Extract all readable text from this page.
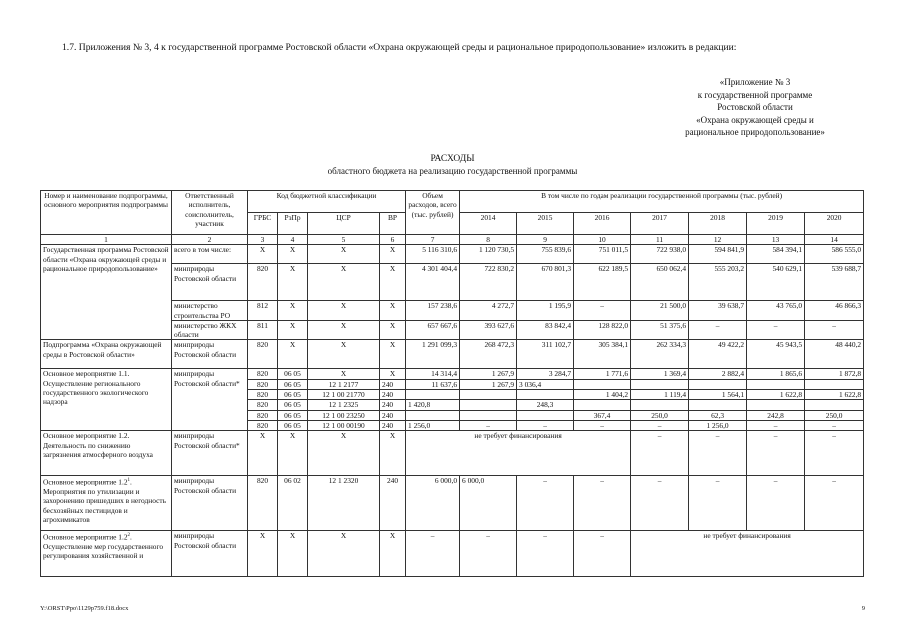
1.7. Приложения № 3, 4 к государственной программе Ростовской области «Охрана окружающей среды и рациональное природопользование» изложить в редакции:
«Приложение № 3
к государственной программе
Ростовской области
«Охрана окружающей среды и
рациональное природопользование»
РАСХОДЫ
областного бюджета на реализацию государственной программы
Номер и наименование подпрограммы, основного мероприятия подпрограммы	Ответственный исполнитель, соисполнитель, участник	Код бюджетной классификации				Объем расходов, всего (тыс. рублей)	В том числе по годам реализации государственной программы (тыс. рублей)						
		ГРБС	РзПр	ЦСР	ВР		2014	2015	2016	2017	2018	2019	2020
1	2	3	4	5	6	7	8	9	10	11	12	13	14
Государственная программа Ростовской области «Охрана окружающей среды и рациональное природопользование»	всего в том числе:	X	X	X	X	5 116 310,6	1 120 730,5	755 839,6	751 011,5	722 938,0	594 841,9	584 394,1	586 555,0
	минприроды Ростовской области	820	X	X	X	4 301 404,4	722 830,2	670 801,3	622 189,5	650 062,4	555 203,2	540 629,1	539 688,7
	министерство строительства РО	812	X	X	X	157 238,6	4 272,7	1 195,9	–	21 500,0	39 638,7	43 765,0	46 866,3
	министерство ЖКХ области	811	X	X	X	657 667,6	393 627,6	83 842,4	128 822,0	51 375,6	–	–	–
Подпрограмма «Охрана окружающей среды в Ростовской области»	минприроды Ростовской области	820	X	X	X	1 291 099,3	268 472,3	311 102,7	305 384,1	262 334,3	49 422,2	45 943,5	48 440,2
Основное мероприятие 1.1. Осуществление регионального государственного экологического надзора	минприроды Ростовской области*	820	06 05	X	X	14 314,4	1 267,9	3 284,7	1 771,6	1 369,4	2 882,4	1 865,6	1 872,8
		820	06 05	12 1 2177	240	11 637,6	1 267,9	3 036,4					
		820	06 05	12 1 00 21770	240				1 404,2	1 119,4	1 564,1	1 622,8	1 622,8
		820	06 05	12 1 2325	240	1 420,8		248,3					
		820	06 05	12 1 00 23250	240				367,4	250,0	62,3	242,8	250,0
		820	06 05	12 1 00 00190	240	1 256,0	–	–	–	–	1 256,0	–	–
Основное мероприятие 1.2. Деятельность по снижению загрязнения атмосферного воздуха	минприроды Ростовской области*	X	X	X	X	не требует финансирования				–	–	–	–
Основное мероприятие $1.2^1$. Мероприятия по утилизации и захоронению пришедших в негодность бесхозяйных пестицидов и агрохимикатов	минприроды Ростовской области	820	06 02	12 1 2320	240	6 000,0	6 000,0	–	–	–	–	–	–
Основное мероприятие $1.2^2$. Осуществление мер государственного регулирования хозяйственной и	минприроды Ростовской области	X	X	X	X	–	–	–	–	не требует финансирования			
Y:\ORST\Ppo\1129p759.f18.docx	9
